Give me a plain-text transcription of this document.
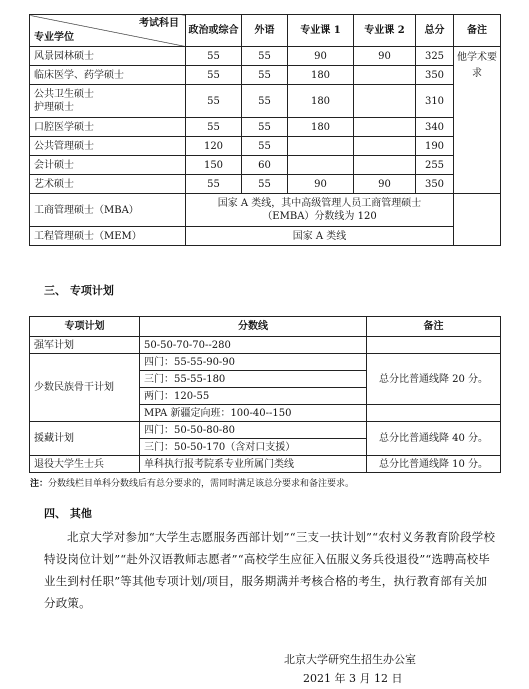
考试科目
专业学位	政治或综合	外语	专业课 1	专业课 2	总分	备注
风景园林硕士	55	55	90	90	325	他学术要求
临床医学、药学硕士	55	55	180		350	

公共卫生硕士
护理硕士	55	55	180		310	
口腔医学硕士	55	55	180		340	
公共管理硕士	120	55			190	
会计硕士	150	60			255	
艺术硕士	55	55	90	90	350	
工商管理硕士（MBA）	国家 A 类线，其中高级管理人员工商管理硕士
（EMBA）分数线为 120					

工程管理硕士（MEM）	国家 A 类线					
三、 专项计划
专项计划	分数线	备注
强军计划	50-50-70-70--280	
少数民族骨干计划	四门：55-55-90-90	总分比普通线降 20 分。
	三门：55-55-180	
	两门：120-55	
	MPA 新疆定向班：100-40--150	
援藏计划	四门：50-50-80-80	总分比普通线降 40 分。
	三门：50-50-170（含对口支援）	
退役大学生士兵	单科执行报考院系专业所属门类线	总分比普通线降 10 分。
注：分数线栏目单科分数线后有总分要求的，需同时满足该总分要求和备注要求。
四、 其他
北京大学对参加“大学生志愿服务西部计划”“三支一扶计划”“农村义务教育阶段学校特设岗位计划”“赴外汉语教师志愿者”“高校学生应征入伍服义务兵役退役”“选聘高校毕业生到村任职”等其他专项计划/项目，服务期满并考核合格的考生，执行教育部有关加分政策。
北京大学研究生招生办公室
2021 年 3 月 12 日
